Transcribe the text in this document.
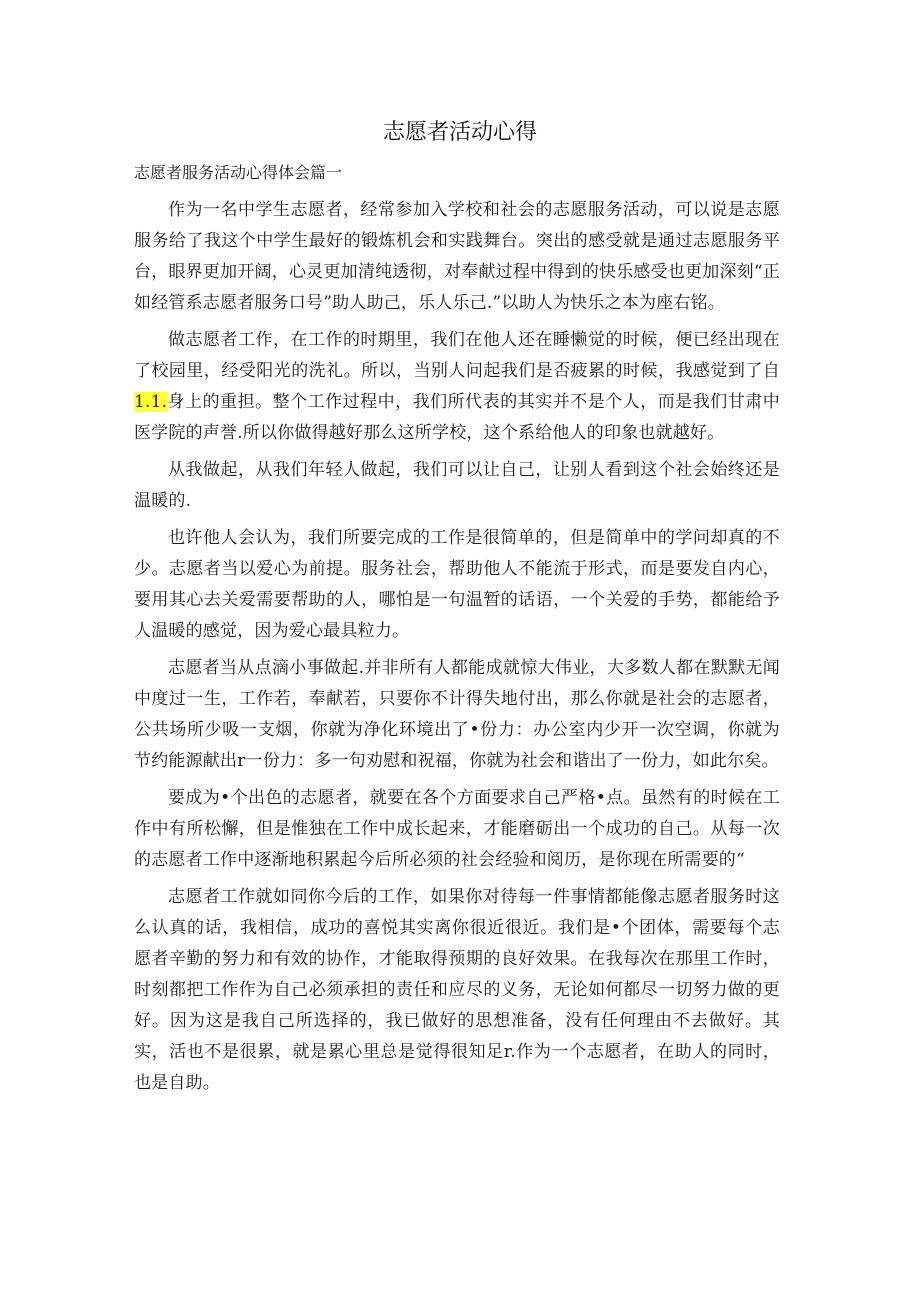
志愿者活动心得

志愿者服务活动心得体会篇一

作为一名中学生志愿者，经常参加入学校和社会的志愿服务活动，可以说是志愿服务给了我这个中学生最好的锻炼机会和实践舞台。突出的感受就是通过志愿服务平台，眼界更加开阔，心灵更加清纯透彻，对奉献过程中得到的快乐感受也更加深刻“正如经管系志愿者服务口号”助人助己，乐人乐己.”以助人为快乐之本为座右铭。

做志愿者工作，在工作的时期里，我们在他人还在睡懒觉的时候，便已经出现在了校园里，经受阳光的洗礼。所以，当别人问起我们是否疲累的时候，我感觉到了自1.1.身上的重担。整个工作过程中，我们所代表的其实并不是个人，而是我们甘肃中医学院的声誉.所以你做得越好那么这所学校，这个系给他人的印象也就越好。

从我做起，从我们年轻人做起，我们可以让自己，让别人看到这个社会始终还是温暖的.

也许他人会认为，我们所要完成的工作是很简单的，但是简单中的学问却真的不少。志愿者当以爱心为前提。服务社会，帮助他人不能流于形式，而是要发自内心，要用其心去关爱需要帮助的人，哪怕是一句温暂的话语，一个关爱的手势，都能给予人温暖的感觉，因为爱心最具粒力。

志愿者当从点滴小事做起.并非所有人都能成就惊大伟业，大多数人都在默默无闻中度过一生，工作若，奉献若，只要你不计得失地付出，那么你就是社会的志愿者，公共场所少吸一支烟，你就为净化环境出了•份力：办公室内少开一次空调，你就为节约能源献出r一份力：多一句劝慰和祝福，你就为社会和谐出了一份力，如此尔矣。

要成为•个出色的志愿者，就要在各个方面要求自己严格•点。虽然有的时候在工作中有所松懈，但是惟独在工作中成长起来，才能磨砺出一个成功的自己。从每一次的志愿者工作中逐渐地积累起今后所必须的社会经验和阅历，是你现在所需要的“

志愿者工作就如同你今后的工作，如果你对待每一件事情都能像志愿者服务时这么认真的话，我相信，成功的喜悦其实离你很近很近。我们是•个团体，需要每个志愿者辛勤的努力和有效的协作，才能取得预期的良好效果。在我每次在那里工作时，时刻都把工作作为自己必须承担的责任和应尽的义务，无论如何都尽一切努力做的更好。因为这是我自己所选择的，我已做好的思想准备，没有任何理由不去做好。其实，活也不是很累，就是累心里总是觉得很知足r.作为一个志愿者，在助人的同时，也是自助。
